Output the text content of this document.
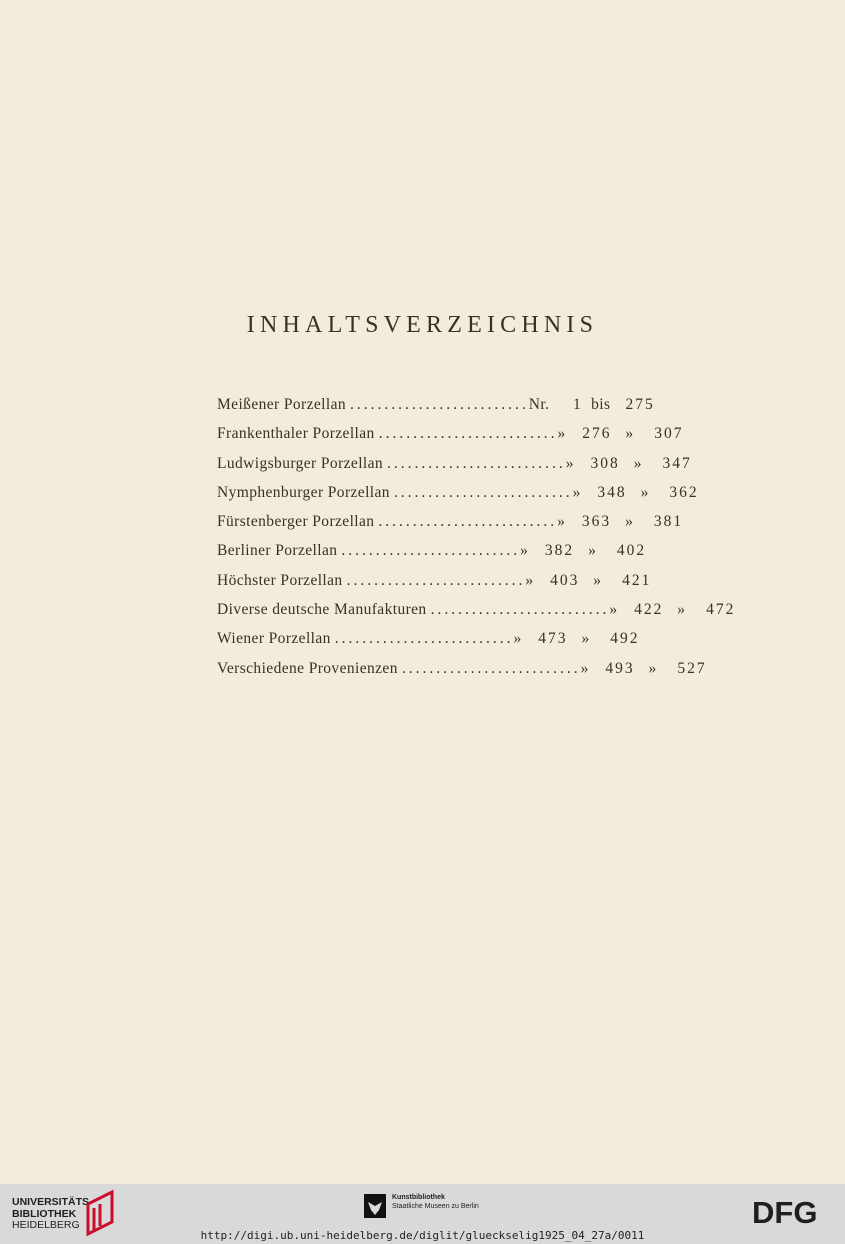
INHALTSVERZEICHNIS
Meißener Porzellan .......................... Nr.	1 bis 275
Frankenthaler Porzellan .......................... »	276 »	307
Ludwigsburger Porzellan .......................... »	308 »	347
Nymphenburger Porzellan .......................... »	348 »	362
Fürstenberger Porzellan .......................... »	363 »	381
Berliner Porzellan .......................... »	382 »	402
Höchster Porzellan .......................... »	403 »	421
Diverse deutsche Manufakturen .......................... »	422 »	472
Wiener Porzellan .......................... »	473 »	492
Verschiedene Provenienzen .......................... »	493 »	527
UNIVERSITÄTS-
BIBLIOTHEK
HEIDELBERG
Kunstbibliothek
Staatliche Museen zu Berlin	DFG
http://digi.ub.uni-heidelberg.de/diglit/glueckselig1925_04_27a/0011
